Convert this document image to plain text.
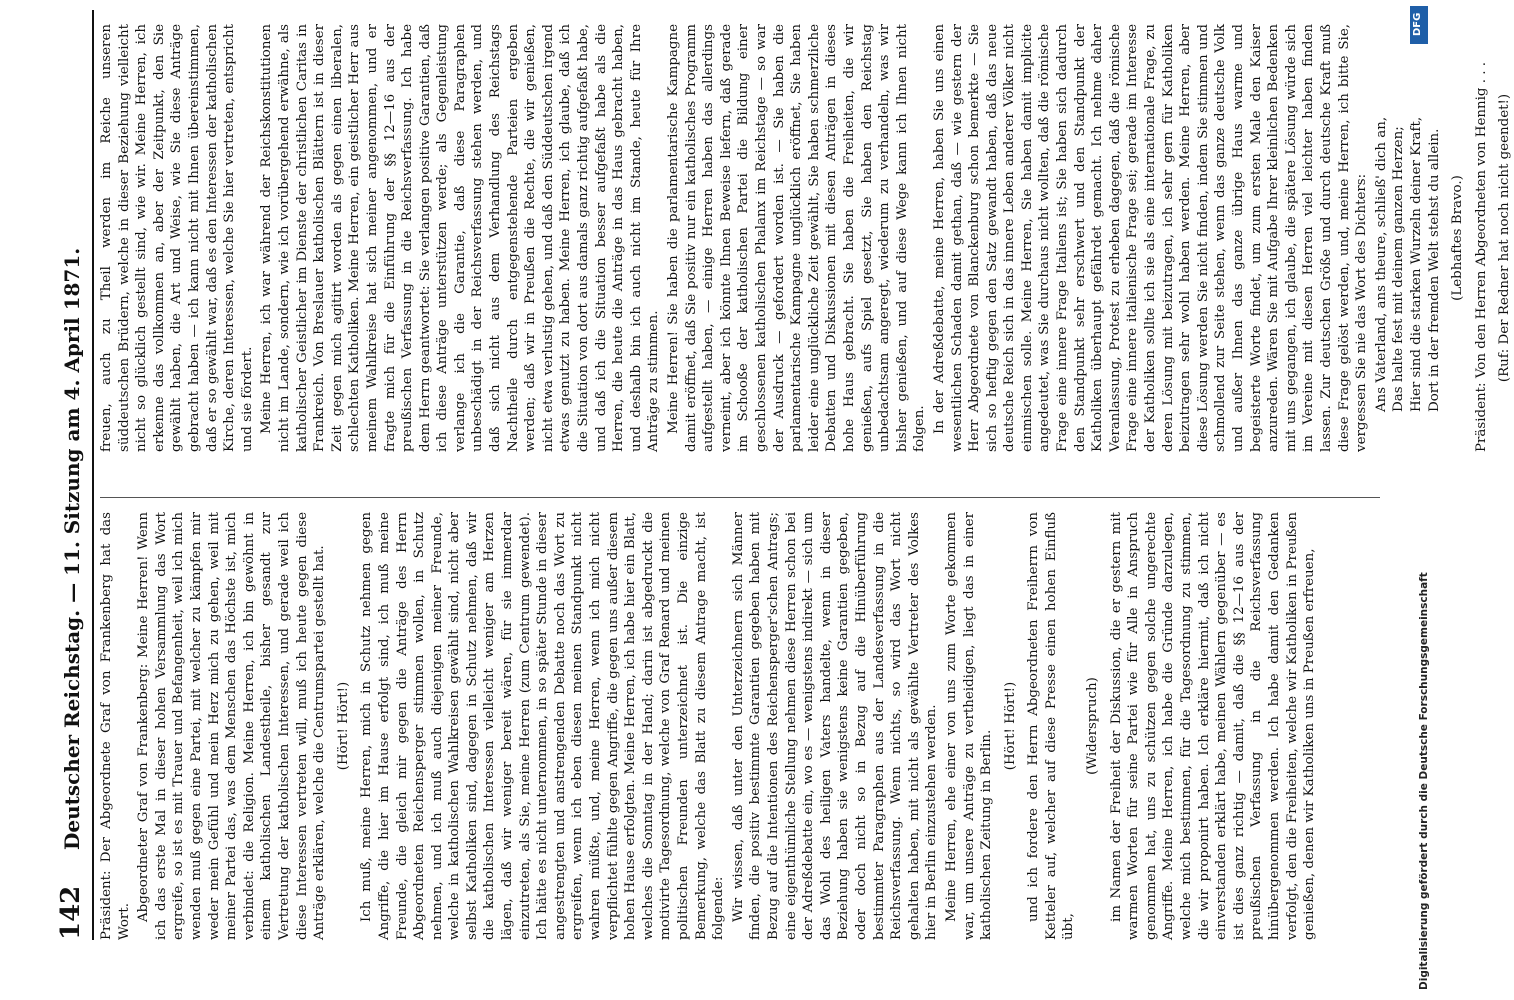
142
Deutscher Reichstag. — 11. Sitzung am 4. April 1871. Präsident: Der Abgeordnete Graf von Frankenberg hat das Wort. Abgeordneter Graf von Frankenberg: Meine Herren! Wenn ich das erste Mal in dieser hohen Versammlung das Wort ergreife, so ist es mit Trauer und Befangenheit, weil ich mich wenden muß gegen eine Partei, mit welcher zu kämpfen mir weder mein Gefühl und mein Herz mich zu gehen, weil mit meiner Partei das, was dem Menschen das Höchste ist, mich verbindet: die Religion. Meine Herren, ich bin gewöhnt in einem katholischen Landestheile, bisher gesandt zur Vertretung der katholischen Interessen, und gerade weil ich diese Interessen vertreten will, muß ich heute gegen diese Anträge erklären, welche die Centrumspartei gestellt hat. (Hört! Hört!) Ich muß, meine Herren, mich in Schutz nehmen gegen Angriffe, die hier im Hause erfolgt sind, ich muß meine Freunde, die gleich mir gegen die Anträge des Herrn Abgeordneten Reichensperger stimmen wollen, in Schutz nehmen, und ich muß auch diejenigen meiner Freunde, welche in katholischen Wahlkreisen gewählt sind, nicht aber selbst Katholiken sind, dagegen in Schutz nehmen, daß wir die katholischen Interessen vielleicht weniger am Herzen lägen, daß wir weniger bereit wären, für sie immerdar einzutreten, als Sie, meine Herren (zum Centrum gewendet). Ich hätte es nicht unternommen, in so später Stunde in dieser angestrengten und anstrengenden Debatte noch das Wort zu ergreifen, wenn ich eben diesen meinen Standpunkt nicht wahren müßte, und, meine Herren, wenn ich mich nicht verpflichtet fühlte gegen Angriffe, die gegen uns außer diesem hohen Hause erfolgten. Meine Herren, ich habe hier ein Blatt, welches die Sonntag in der Hand; darin ist abgedruckt die motivirte Tagesordnung, welche von Graf Renard und meinen politischen Freunden unterzeichnet ist. Die einzige Bemerkung, welche das Blatt zu diesem Antrage macht, ist folgende: Wir wissen, daß unter den Unterzeichnern sich Männer finden, die positiv bestimmte Garantien gegeben haben mit Bezug auf die Intentionen des Reichensperger'schen Antrags; eine eigenthümliche Stellung nehmen diese Herren schon bei der Adreßdebatte ein, wo es — wenigstens indirekt — sich um das Wohl des heiligen Vaters handelte, wenn in dieser Beziehung haben sie wenigstens keine Garantien gegeben, oder doch nicht so in Bezug auf die Hinüberführung bestimmter Paragraphen aus der Landesverfassung in die Reichsverfassung. Wenn nichts, so wird das Wort nicht gehalten haben, mit nicht als gewählte Vertreter des Volkes hier in Berlin einzustehen werden. Meine Herren, ehe einer von uns zum Worte gekommen war, um unsere Anträge zu vertheidigen, liegt das in einer katholischen Zeitung in Berlin.

(Hört! Hört!) und ich fordere den Herrn Abgeordneten Freiherrn von Ketteler auf, welcher auf diese Presse einen hohen Einfluß übt,

(Widerspruch) im Namen der Freiheit der Diskussion, die er gestern mit warmen Worten für seine Partei wie für Alle in Anspruch genommen hat, uns zu schützen gegen solche ungerechte Angriffe. Meine Herren, ich habe die Gründe darzulegen, welche mich bestimmen, für die Tagesordnung zu stimmen, die wir proponirt haben. Ich erkläre hiermit, daß ich nicht einverstanden erklärt habe, meinen Wählern gegenüber — es ist dies ganz richtig — damit, daß die §§ 12—16 aus der preußischen Verfassung in die Reichsverfassung hinübergenommen werden. Ich habe damit den Gedanken verfolgt, den die Freiheiten, welche wir Katholiken in Preußen genießen, denen wir Katholiken uns in Preußen erfreuen,

freuen, auch zu Theil werden im Reiche unseren süddeutschen Brüdern, welche in dieser Beziehung vielleicht nicht so glücklich gestellt sind, wie wir. Meine Herren, ich erkenne das vollkommen an, aber der Zeitpunkt, den Sie gewählt haben, die Art und Weise, wie Sie diese Anträge gebracht haben — ich kann nicht mit Ihnen übereinstimmen, daß er so gewählt war, daß es den Interessen der katholischen Kirche, deren Interessen, welche Sie hier vertreten, entspricht und sie fördert. Meine Herren, ich war während der Reichskonstitutionen nicht im Lande, sondern, wie ich vorübergehend erwähne, als katholischer Geistlicher im Dienste der christlichen Caritas in Frankreich. Von Breslauer katholischen Blättern ist in dieser Zeit gegen mich agitirt worden als gegen einen liberalen, schlechten Katholiken. Meine Herren, ein geistlicher Herr aus meinem Wahlkreise hat sich meiner angenommen, und er fragte mich für die Einführung der §§ 12—16 aus der preußischen Verfassung in die Reichsverfassung. Ich habe dem Herrn geantwortet: Sie verlangen positive Garantien, daß ich diese Anträge unterstützen werde; als Gegenleistung verlange ich die Garantie, daß diese Paragraphen unbeschädigt in der Reichsverfassung stehen werden, und daß sich nicht aus dem Verhandlung des Reichstags Nachtheile durch entgegenstehende Parteien ergeben werden; daß wir in Preußen die Rechte, die wir genießen, nicht etwa verlustig gehen, und daß den Süddeutschen irgend etwas genutzt zu haben. Meine Herren, ich glaube, daß ich die Situation von dort aus damals ganz richtig aufgefaßt habe, und daß ich die Situation besser aufgefaßt habe als die Herren, die heute die Anträge in das Haus gebracht haben, und deshalb bin ich auch nicht im Stande, heute für Ihre Anträge zu stimmen. Meine Herren! Sie haben die parlamentarische Kampagne damit eröffnet, daß Sie positiv nur ein katholisches Programm aufgestellt haben, — einige Herren haben das allerdings verneint, aber ich könnte Ihnen Beweise liefern, daß gerade im Schooße der katholischen Partei die Bildung einer geschlossenen katholischen Phalanx im Reichstage — so war der Ausdruck — gefordert worden ist. — Sie haben die parlamentarische Kampagne unglücklich eröffnet, Sie haben leider eine unglückliche Zeit gewählt, Sie haben schmerzliche Debatten und Diskussionen mit diesen Anträgen in dieses hohe Haus gebracht. Sie haben die Freiheiten, die wir genießen, aufs Spiel gesetzt, Sie haben den Reichstag unbedachtsam angeregt, wiederum zu verhandeln, was wir bisher genießen, und auf diese Wege kann ich Ihnen nicht folgen. In der Adreßdebatte, meine Herren, haben Sie uns einen wesentlichen Schaden damit gethan, daß — wie gestern der Herr Abgeordnete von Blanckenburg schon bemerkte — Sie sich so heftig gegen den Satz gewandt haben, daß das neue deutsche Reich sich in das innere Leben anderer Völker nicht einmischen solle. Meine Herren, Sie haben damit implicite angedeutet, was Sie durchaus nicht wollten, daß die römische Frage eine innere Frage Italiens ist; Sie haben sich dadurch den Standpunkt sehr erschwert und den Standpunkt der Katholiken überhaupt gefährdet gemacht. Ich nehme daher Veranlassung, Protest zu erheben dagegen, daß die römische Frage eine innere italienische Frage sei; gerade im Interesse der Katholiken sollte ich sie als eine internationale Frage, zu deren Lösung mit beizutragen, ich sehr gern für Katholiken beizutragen sehr wohl haben werden. Meine Herren, aber diese Lösung werden Sie nicht finden, indem Sie stimmen und schmollend zur Seite stehen, wenn das ganze deutsche Volk und außer Ihnen das ganze übrige Haus warme und begeisterte Worte findet, um zum ersten Male den Kaiser anzureden. Wären Sie mit Aufgabe Ihrer kleinlichen Bedenken mit uns gegangen, ich glaube, die spätere Lösung würde sich im Vereine mit diesen Herren viel leichter haben finden lassen. Zur deutschen Größe und durch deutsche Kraft muß diese Frage gelöst werden, und, meine Herren, ich bitte Sie, vergessen Sie nie das Wort des Dichters: Ans Vaterland, ans theure, schließ' dich an, Das halte fest mit deinem ganzen Herzen; Hier sind die starken Wurzeln deiner Kraft, Dort in der fremden Welt stehst du allein. (Lebhaftes Bravo.) Präsident: Von den Herren Abgeordneten von Hennig . . . (Ruf: Der Redner hat noch nicht geendet!)

Digitalisierung gefördert durch die Deutsche Forschungsgemeinschaft
DFG
